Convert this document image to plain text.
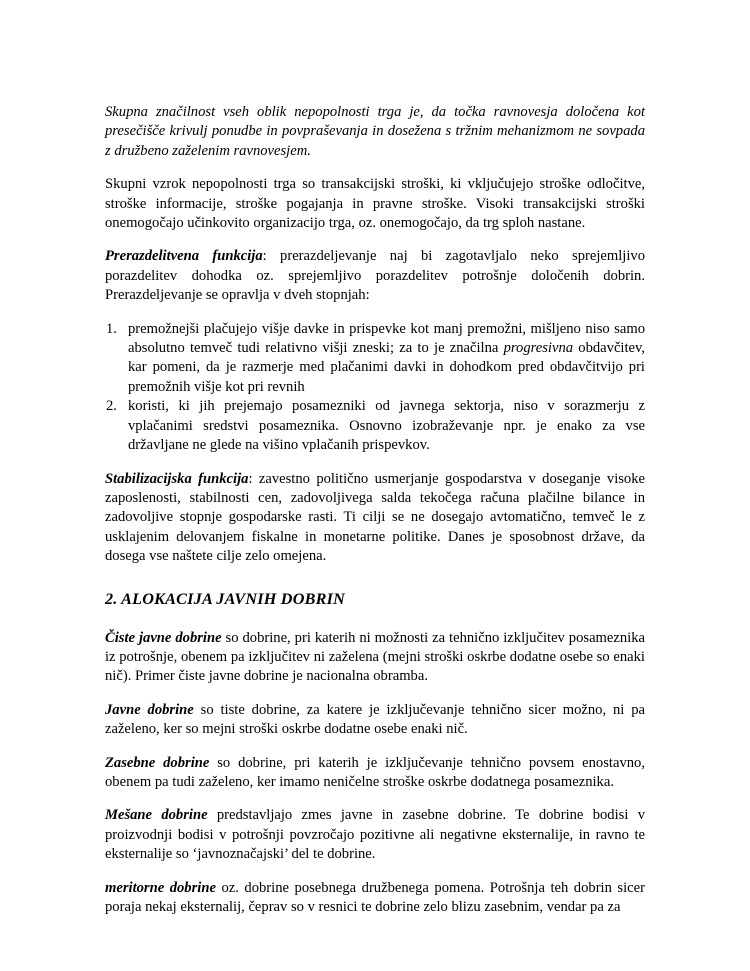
Skupna značilnost vseh oblik nepopolnosti trga je, da točka ravnovesja določena kot presečišče krivulj ponudbe in povpraševanja in dosežena s tržnim mehanizmom ne sovpada z družbeno zaželenim ravnovesjem.

Skupni vzrok nepopolnosti trga so transakcijski stroški, ki vključujejo stroške odločitve, stroške informacije, stroške pogajanja in pravne stroške. Visoki transakcijski stroški onemogočajo učinkovito organizacijo trga, oz. onemogočajo, da trg sploh nastane.

Prerazdelitvena funkcija: prerazdeljevanje naj bi zagotavljalo neko sprejemljivo porazdelitev dohodka oz. sprejemljivo porazdelitev potrošnje določenih dobrin. Prerazdeljevanje se opravlja v dveh stopnjah:

1. premožnejši plačujejo višje davke in prispevke kot manj premožni, mišljeno niso samo absolutno temveč tudi relativno višji zneski; za to je značilna progresivna obdavčitev, kar pomeni, da je razmerje med plačanimi davki in dohodkom pred obdavčitvijo pri premožnih višje kot pri revnih
2. koristi, ki jih prejemajo posamezniki od javnega sektorja, niso v sorazmerju z vplačanimi sredstvi posameznika. Osnovno izobraževanje npr. je enako za vse državljane ne glede na višino vplačanih prispevkov.

Stabilizacijska funkcija: zavestno politično usmerjanje gospodarstva v doseganje visoke zaposlenosti, stabilnosti cen, zadovoljivega salda tekočega računa plačilne bilance in zadovoljive stopnje gospodarske rasti. Ti cilji se ne dosegajo avtomatično, temveč le z usklajenim delovanjem fiskalne in monetarne politike. Danes je sposobnost države, da dosega vse naštete cilje zelo omejena.

2. ALOKACIJA JAVNIH DOBRIN

Čiste javne dobrine so dobrine, pri katerih ni možnosti za tehnično izključitev posameznika iz potrošnje, obenem pa izključitev ni zaželena (mejni stroški oskrbe dodatne osebe so enaki nič). Primer čiste javne dobrine je nacionalna obramba.

Javne dobrine so tiste dobrine, za katere je izključevanje tehnično sicer možno, ni pa zaželeno, ker so mejni stroški oskrbe dodatne osebe enaki nič.

Zasebne dobrine so dobrine, pri katerih je izključevanje tehnično povsem enostavno, obenem pa tudi zaželeno, ker imamo neničelne stroške oskrbe dodatnega posameznika.

Mešane dobrine predstavljajo zmes javne in zasebne dobrine. Te dobrine bodisi v proizvodnji bodisi v potrošnji povzročajo pozitivne ali negativne eksternalije, in ravno te eksternalije so ‘javnoznačajski’ del te dobrine.

meritorne dobrine oz. dobrine posebnega družbenega pomena. Potrošnja teh dobrin sicer poraja nekaj eksternalij, čeprav so v resnici te dobrine zelo blizu zasebnim, vendar pa za
